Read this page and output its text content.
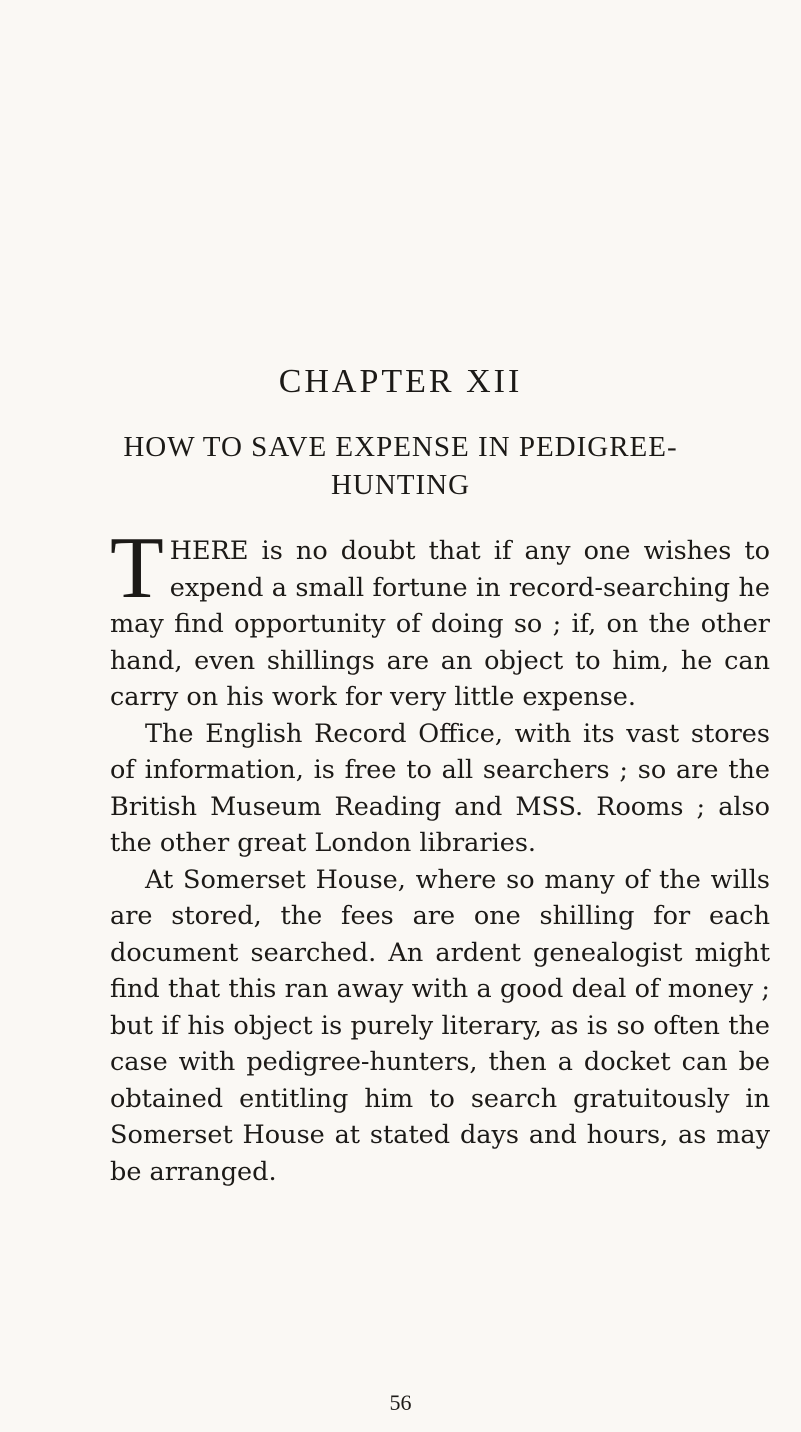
CHAPTER XII
HOW TO SAVE EXPENSE IN PEDIGREE-HUNTING

THERE is no doubt that if any one wishes to expend a small fortune in record-searching he may find opportunity of doing so ; if, on the other hand, even shillings are an object to him, he can carry on his work for very little expense.

The English Record Office, with its vast stores of information, is free to all searchers ; so are the British Museum Reading and MSS. Rooms ; also the other great London libraries.

At Somerset House, where so many of the wills are stored, the fees are one shilling for each document searched. An ardent genealogist might find that this ran away with a good deal of money ; but if his object is purely literary, as is so often the case with pedigree-hunters, then a docket can be obtained entitling him to search gratuitously in Somerset House at stated days and hours, as may be arranged.

56
